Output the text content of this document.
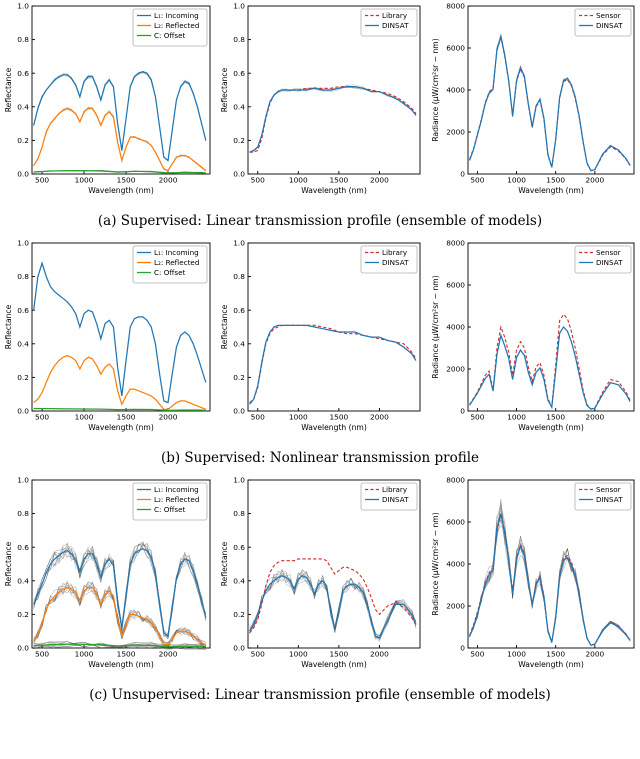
500	1000	1500	2000
0.0
0.2
0.4
0.6
0.8
1.0
Wavelength (nm)
Reflectance
L₁: Incoming
L₂: Reflected
C: Offset
500	1000	1500	2000
0.0
0.2
0.4
0.6
0.8
1.0
Wavelength (nm)
Reflectance
Library
DINSAT
500	1000	1500	2000
0
2000
4000
6000
8000
Wavelength (nm)
Radiance (μW/cm²sr − nm)
Sensor
DINSAT
(a) Supervised: Linear transmission profile (ensemble of models)
500	1000	1500	2000
0.0
0.2
0.4
0.6
0.8
1.0
Wavelength (nm)
Reflectance
L₁: Incoming
L₂: Reflected
C: Offset
500	1000	1500	2000
0.0
0.2
0.4
0.6
0.8
1.0
Wavelength (nm)
Reflectance
Library
DINSAT
500	1000	1500	2000
0
2000
4000
6000
8000
Wavelength (nm)
Radiance (μW/cm²sr − nm)
Sensor
DINSAT
(b) Supervised: Nonlinear transmission profile
500	1000	1500	2000
0.0
0.2
0.4
0.6
0.8
1.0
Wavelength (nm)
Reflectance
L₁: Incoming
L₂: Reflected
C: Offset
500	1000	1500	2000
0.0
0.2
0.4
0.6
0.8
1.0
Wavelength (nm)
Reflectance
Library
DINSAT
500	1000	1500	2000
0
2000
4000
6000
8000
Wavelength (nm)
Radiance (μW/cm²sr − nm)
Sensor
DINSAT
(c) Unsupervised: Linear transmission profile (ensemble of models)
